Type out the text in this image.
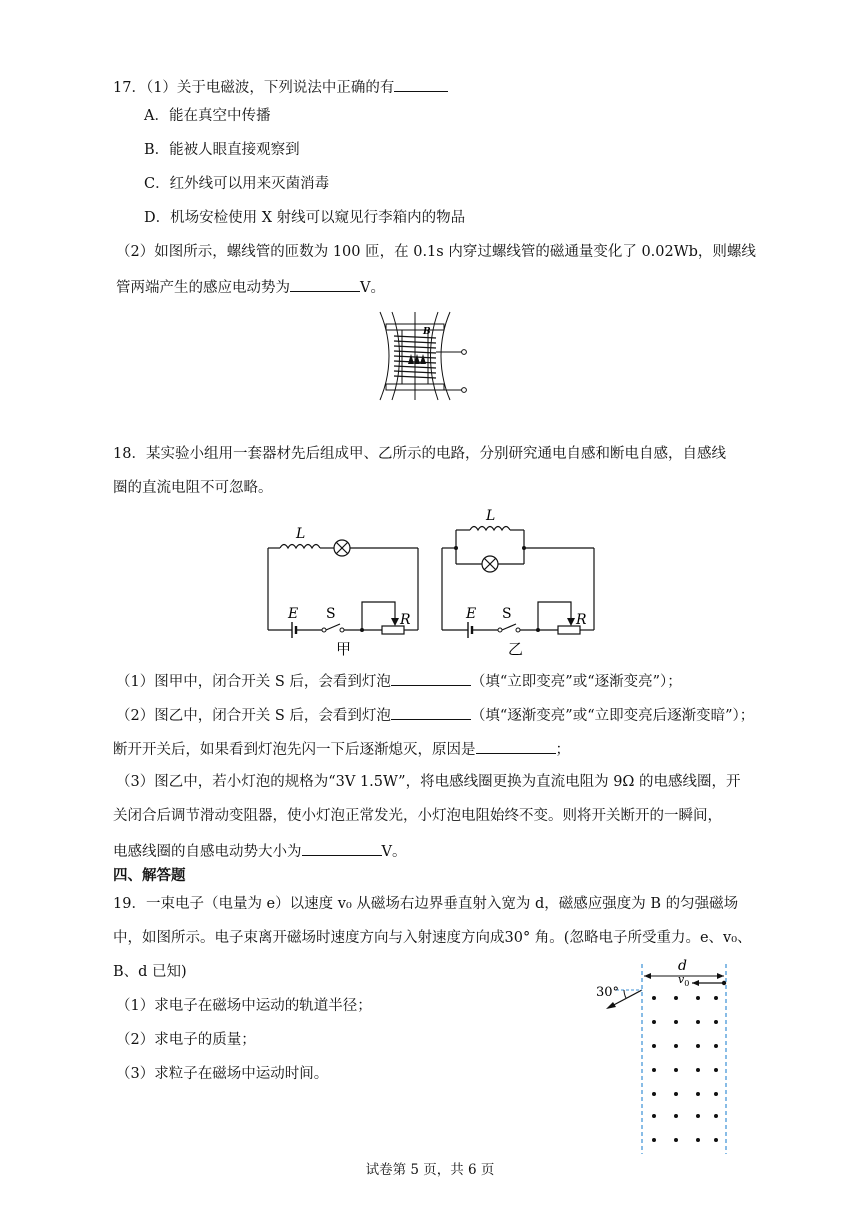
17．（1）关于电磁波，下列说法中正确的有
A．能在真空中传播
B．能被人眼直接观察到
C．红外线可以用来灭菌消毒
D．机场安检使用 X 射线可以窥见行李箱内的物品
（2）如图所示，螺线管的匝数为 100 匝，在 0.1s 内穿过螺线管的磁通量变化了 0.02Wb，则螺线
管两端产生的感应电动势为	V。
B
18．某实验小组用一套器材先后组成甲、乙所示的电路，分别研究通电自感和断电自感，自感线
圈的直流电阻不可忽略。
L
E S	R
甲
L
E S	R
乙
（1）图甲中，闭合开关 S 后，会看到灯泡	（填“立即变亮”或“逐渐变亮”）；
（2）图乙中，闭合开关 S 后，会看到灯泡	（填“逐渐变亮”或“立即变亮后逐渐变暗”）；
断开开关后，如果看到灯泡先闪一下后逐渐熄灭，原因是	；
（3）图乙中，若小灯泡的规格为“3V 1.5W”，将电感线圈更换为直流电阻为 9Ω 的电感线圈，开
关闭合后调节滑动变阻器，使小灯泡正常发光，小灯泡电阻始终不变。则将开关断开的一瞬间，
电感线圈的自感电动势大小为	V。
四、解答题
19．一束电子（电量为 e）以速度 v₀ 从磁场右边界垂直射入宽为 d，磁感应强度为 B 的匀强磁场
中，如图所示。电子束离开磁场时速度方向与入射速度方向成30° 角。(忽略电子所受重力。e、v₀、
B、d 已知)
（1）求电子在磁场中运动的轨道半径；
（2）求电子的质量；
（3）求粒子在磁场中运动时间。
d
$v_0$
30°
试卷第 5 页，共 6 页
